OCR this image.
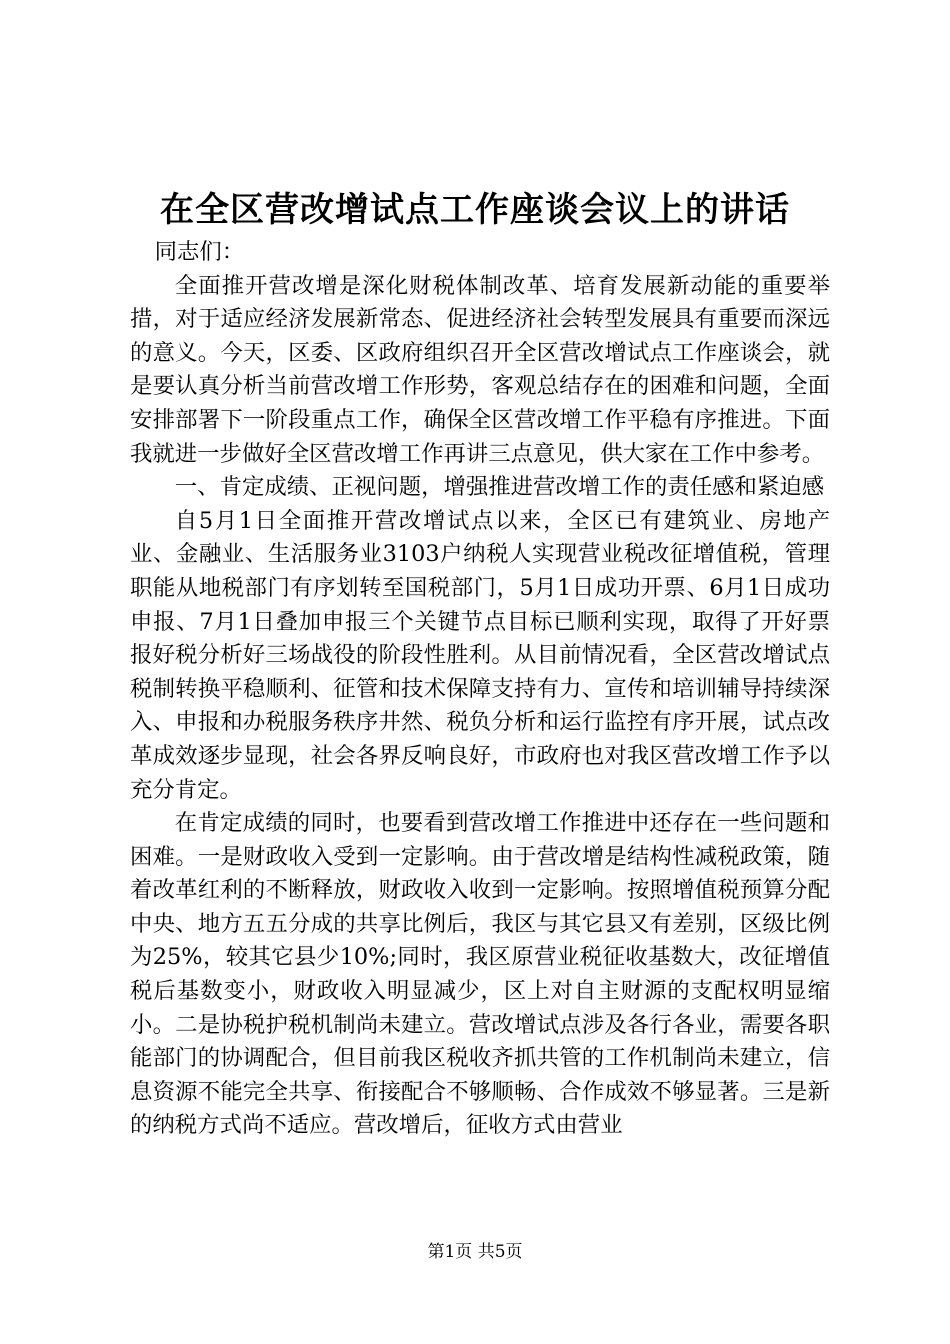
在全区营改增试点工作座谈会议上的讲话

同志们：

全面推开营改增是深化财税体制改革、培育发展新动能的重要举措，对于适应经济发展新常态、促进经济社会转型发展具有重要而深远的意义。今天，区委、区政府组织召开全区营改增试点工作座谈会，就是要认真分析当前营改增工作形势，客观总结存在的困难和问题，全面安排部署下一阶段重点工作，确保全区营改增工作平稳有序推进。下面我就进一步做好全区营改增工作再讲三点意见，供大家在工作中参考。

一、肯定成绩、正视问题，增强推进营改增工作的责任感和紧迫感

自5月1日全面推开营改增试点以来，全区已有建筑业、房地产业、金融业、生活服务业3103户纳税人实现营业税改征增值税，管理职能从地税部门有序划转至国税部门，5月1日成功开票、6月1日成功申报、7月1日叠加申报三个关键节点目标已顺利实现，取得了开好票报好税分析好三场战役的阶段性胜利。从目前情况看，全区营改增试点税制转换平稳顺利、征管和技术保障支持有力、宣传和培训辅导持续深入、申报和办税服务秩序井然、税负分析和运行监控有序开展，试点改革成效逐步显现，社会各界反响良好，市政府也对我区营改增工作予以充分肯定。

在肯定成绩的同时，也要看到营改增工作推进中还存在一些问题和困难。一是财政收入受到一定影响。由于营改增是结构性减税政策，随着改革红利的不断释放，财政收入收到一定影响。按照增值税预算分配中央、地方五五分成的共享比例后，我区与其它县又有差别，区级比例为25%，较其它县少10%;同时，我区原营业税征收基数大，改征增值税后基数变小，财政收入明显减少，区上对自主财源的支配权明显缩小。二是协税护税机制尚未建立。营改增试点涉及各行各业，需要各职能部门的协调配合，但目前我区税收齐抓共管的工作机制尚未建立，信息资源不能完全共享、衔接配合不够顺畅、合作成效不够显著。三是新的纳税方式尚不适应。营改增后，征收方式由营业

第1页 共5页
